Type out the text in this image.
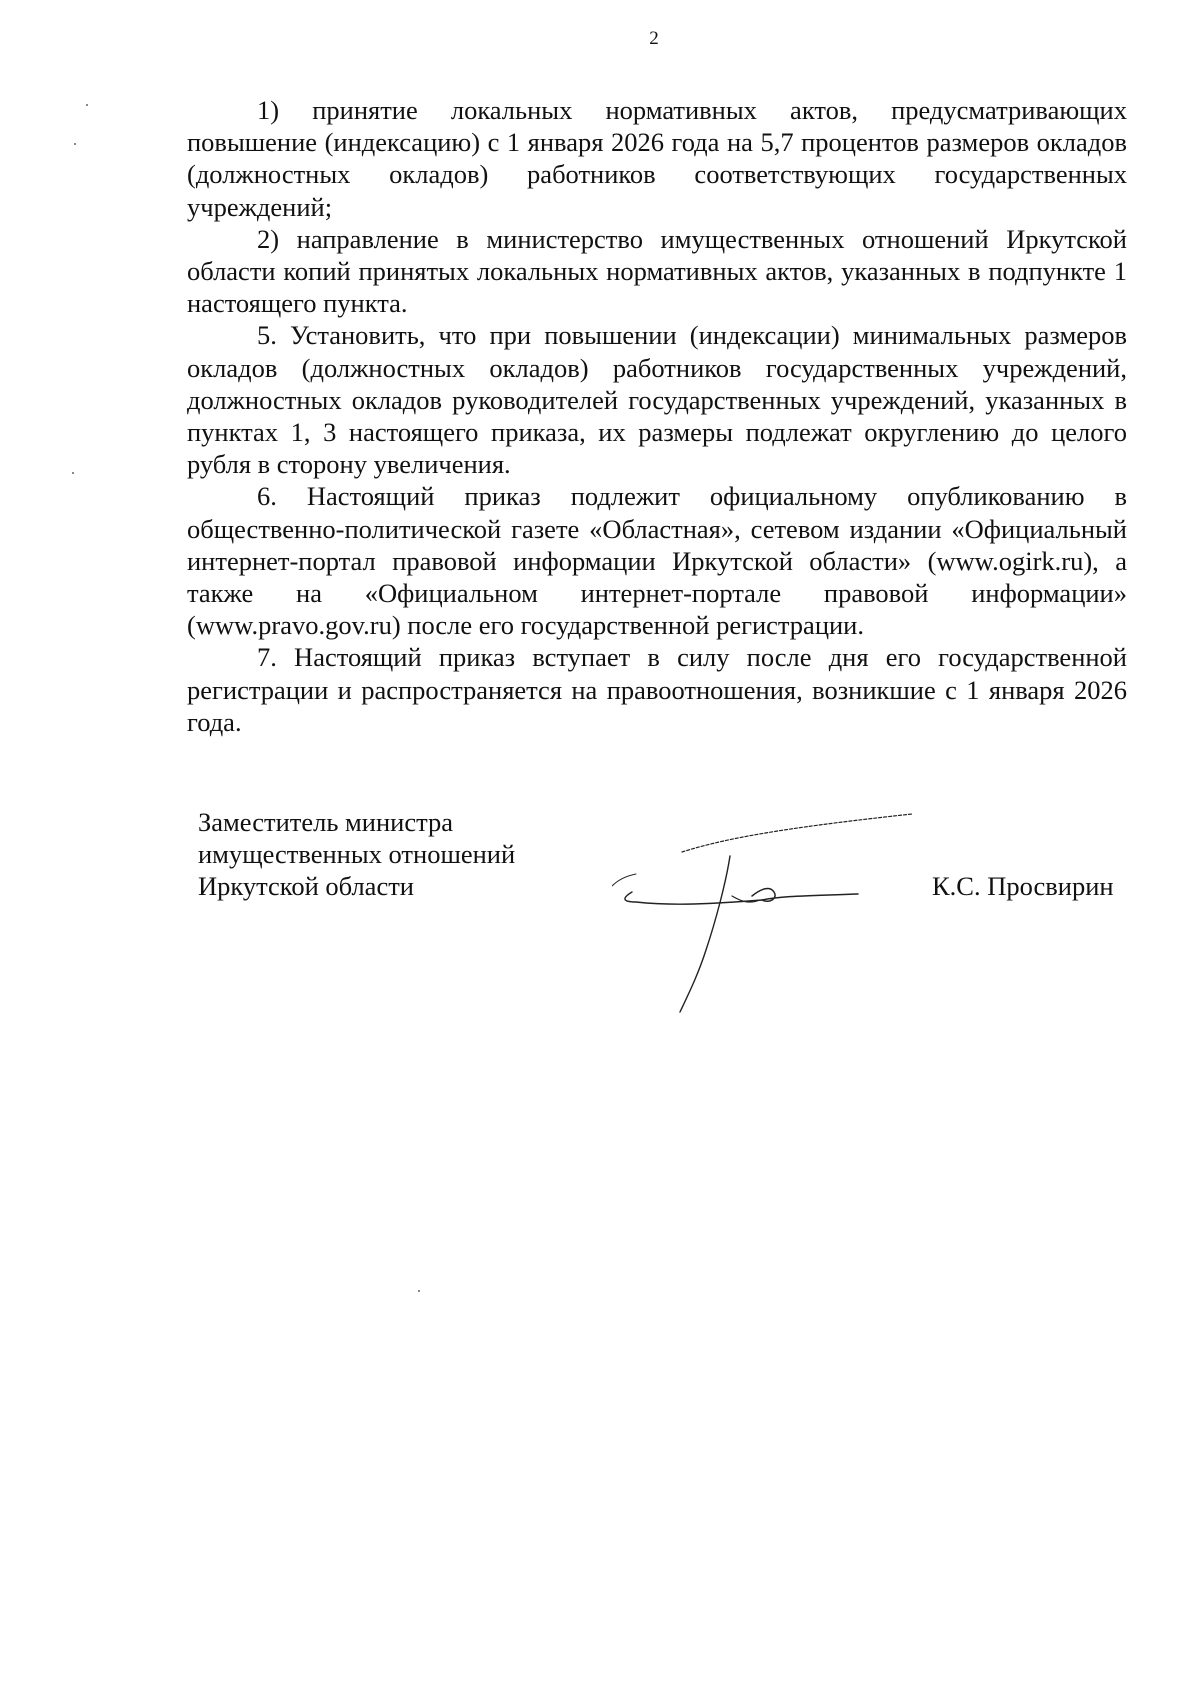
2

1) принятие локальных нормативных актов, предусматривающих повышение (индексацию) с 1 января 2026 года на 5,7 процентов размеров окладов (должностных окладов) работников соответствующих государственных учреждений;

2) направление в министерство имущественных отношений Иркутской области копий принятых локальных нормативных актов, указанных в подпункте 1 настоящего пункта.

5. Установить, что при повышении (индексации) минимальных размеров окладов (должностных окладов) работников государственных учреждений, должностных окладов руководителей государственных учреждений, указанных в пунктах 1, 3 настоящего приказа, их размеры подлежат округлению до целого рубля в сторону увеличения.

6. Настоящий приказ подлежит официальному опубликованию в общественно-политической газете «Областная», сетевом издании «Официальный интернет-портал правовой информации Иркутской области» (www.ogirk.ru), а также на «Официальном интернет-портале правовой информации» (www.pravo.gov.ru) после его государственной регистрации.

7. Настоящий приказ вступает в силу после дня его государственной регистрации и распространяется на правоотношения, возникшие с 1 января 2026 года.

Заместитель министра
имущественных отношений
Иркутской области	К.С. Просвирин
